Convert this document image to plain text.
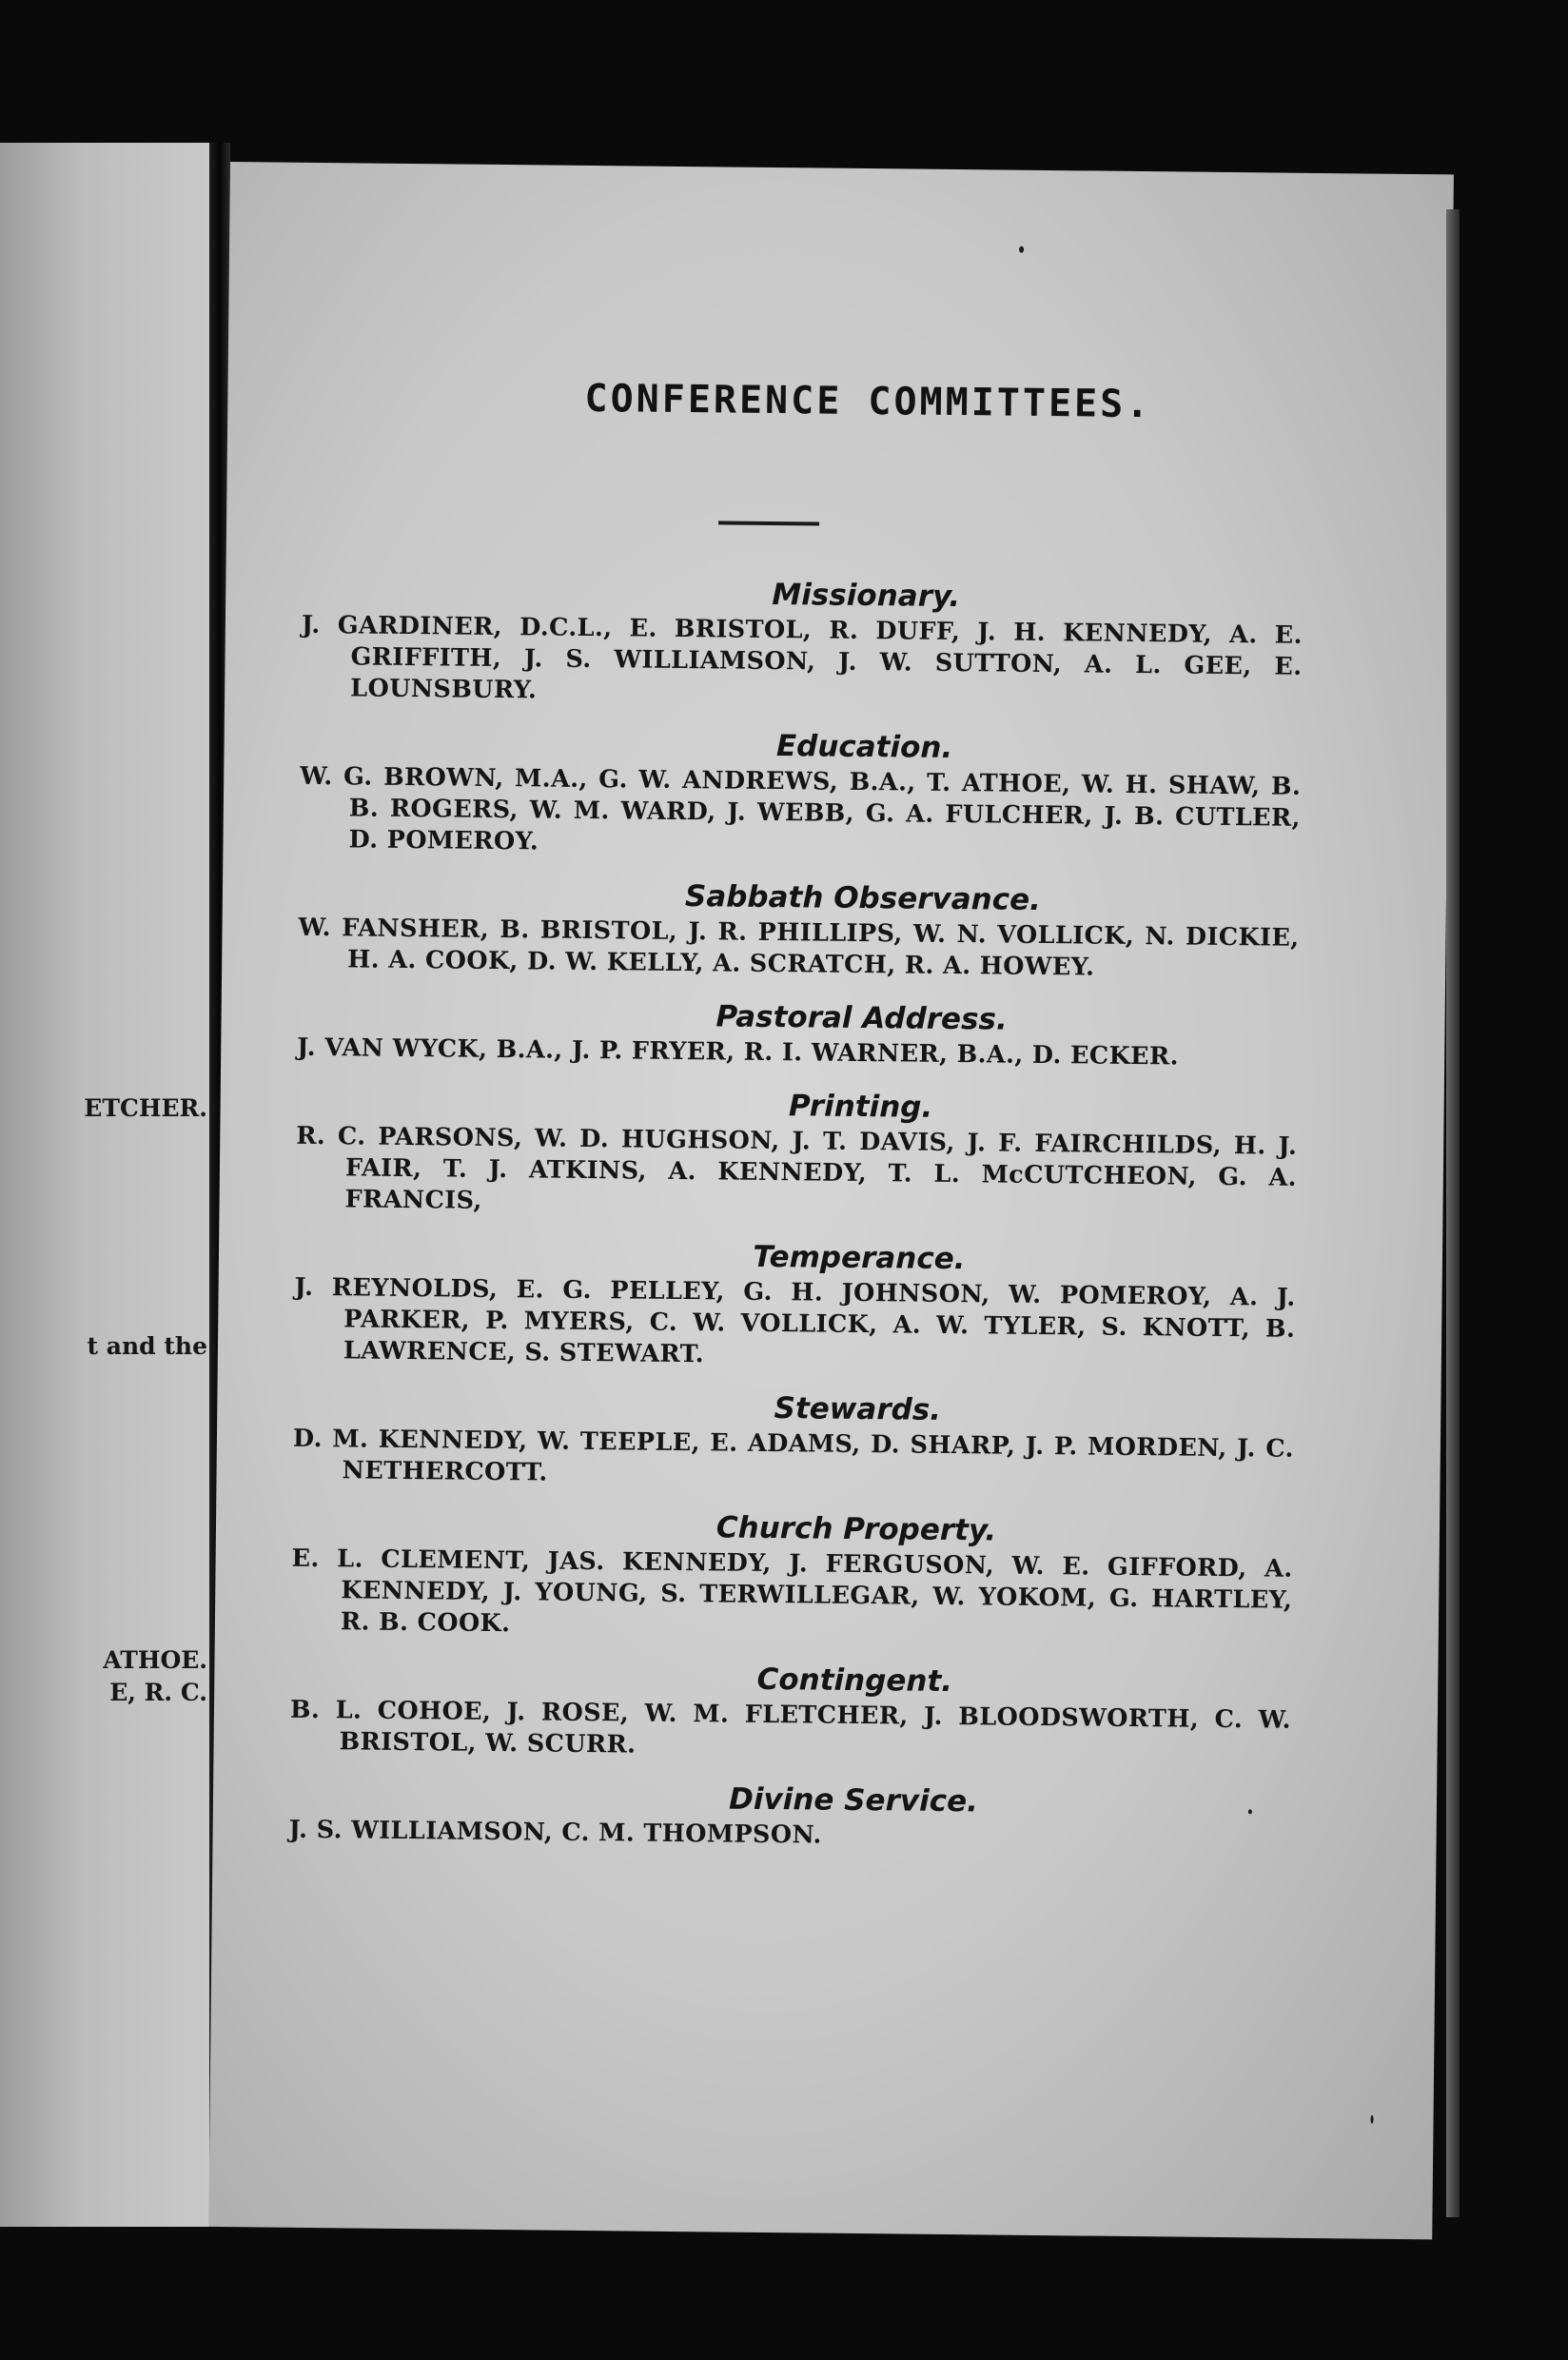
ETCHER.
t and the
ATHOE.
E, R. C.
CONFERENCE COMMITTEES.
Missionary.
J. GARDINER, D.C.L., E. BRISTOL, R. DUFF, J. H. KENNEDY, A. E. GRIFFITH, J. S. WILLIAMSON, J. W. SUTTON, A. L. GEE, E. LOUNSBURY.
Education.
W. G. BROWN, M.A., G. W. ANDREWS, B.A., T. ATHOE, W. H. SHAW, B. B. ROGERS, W. M. WARD, J. WEBB, G. A. FULCHER, J. B. CUTLER, D. POMEROY.
Sabbath Observance.
W. FANSHER, B. BRISTOL, J. R. PHILLIPS, W. N. VOLLICK, N. DICKIE, H. A. COOK, D. W. KELLY, A. SCRATCH, R. A. HOWEY.
Pastoral Address.
J. VAN WYCK, B.A., J. P. FRYER, R. I. WARNER, B.A., D. ECKER.
Printing.
R. C. PARSONS, W. D. HUGHSON, J. T. DAVIS, J. F. FAIRCHILDS, H. J. FAIR, T. J. ATKINS, A. KENNEDY, T. L. McCUTCHEON, G. A. FRANCIS,
Temperance.
J. REYNOLDS, E. G. PELLEY, G. H. JOHNSON, W. POMEROY, A. J. PARKER, P. MYERS, C. W. VOLLICK, A. W. TYLER, S. KNOTT, B. LAWRENCE, S. STEWART.
Stewards.
D. M. KENNEDY, W. TEEPLE, E. ADAMS, D. SHARP, J. P. MORDEN, J. C. NETHERCOTT.
Church Property.
E. L. CLEMENT, JAS. KENNEDY, J. FERGUSON, W. E. GIFFORD, A. KENNEDY, J. YOUNG, S. TERWILLEGAR, W. YOKOM, G. HARTLEY, R. B. COOK.
Contingent.
B. L. COHOE, J. ROSE, W. M. FLETCHER, J. BLOODSWORTH, C. W. BRISTOL, W. SCURR.
Divine Service.
J. S. WILLIAMSON, C. M. THOMPSON.
